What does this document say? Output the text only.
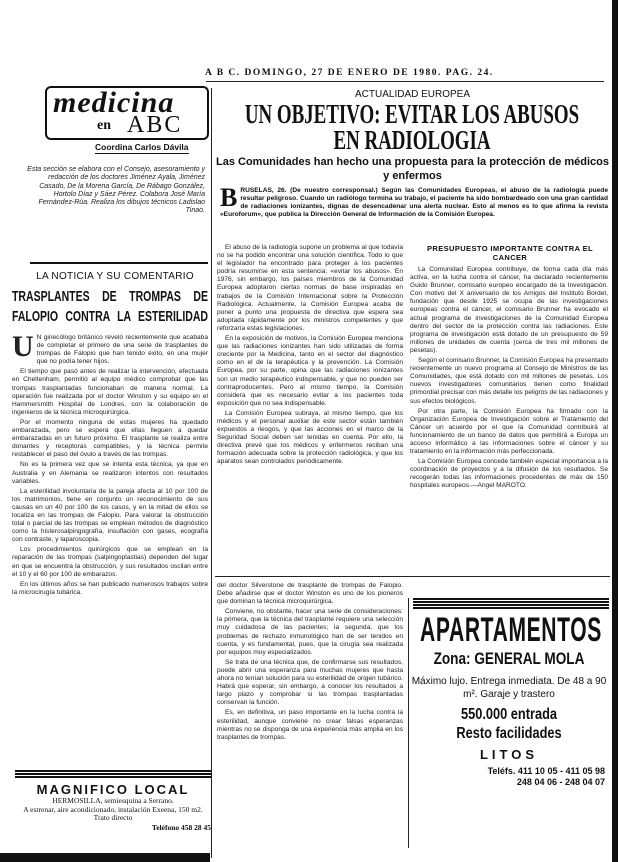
A B C. DOMINGO, 27 DE ENERO DE 1980. PAG. 24.
medicina
en ABC
Coordina Carlos Dávila
Esta sección se elabora con el Consejo, asesoramiento y redacción de los doctores Jiménez Ayala, Jiménez Casado, De la Morena García, De Rábago González, Hortolo Díaz y Sáez Pérez. Colabora José María Fernández-Rúa. Realiza los dibujos técnicos Ladislao Tinao.
LA NOTICIA Y SU COMENTARIO
TRASPLANTES DE TROMPAS DE FALOPIO CONTRA LA ESTERILIDAD
U N ginecólogo británico reveló recientemente que acababa de completar el primero de una serie de trasplantes de trompas de Falopio que han tenido éxito, en una mujer que no podía tener hijos.

El tiempo que pasó antes de realizar la intervención, efectuada en Cheltenham, permitió al equipo médico comprobar que las trompas trasplantadas funcionaban de manera normal. La operación fue realizada por el doctor Winston y su equipo en el Hammersmith Hospital de Londres, con la colaboración de ingenieros de la técnica microquirúrgica.

Por el momento ninguna de estas mujeres ha quedado embarazada, pero se espera que ellas lleguen a quedar embarazadas en un futuro próximo. El trasplante se realiza entre donantes y receptoras compatibles, y la técnica permite restablecer el paso del óvulo a través de las trompas.

No es la primera vez que se intenta esta técnica, ya que en Australia y en Alemania se realizaron intentos con resultados variables.

La esterilidad involuntaria de la pareja afecta al 10 por 100 de los matrimonios, tiene en conjunto un reconocimiento de sus causas en un 40 por 100 de los casos, y en la mitad de ellos se localiza en las trompas de Falopio. Para valorar la obstrucción total o parcial de las trompas se emplean métodos de diagnóstico como la histerosalpingografía, insuflación con gases, ecografía con contraste, y laparoscopia.

Los procedimientos quirúrgicos que se emplean en la reparación de las trompas (salpingoplastias) dependen del lugar en que se encuentra la obstrucción, y sus resultados oscilan entre el 10 y el 60 por 100 de embarazos.

En los últimos años se han publicado numerosos trabajos sobre la microcirugía tubárica.

MAGNIFICO LOCAL
HERMOSILLA, semiesquina a Serrano.
A estrenar, aire acondicionado, instalación Exeena, 150 m2. Trato directo
Teléfono 458 28 45
ACTUALIDAD EUROPEA
UN OBJETIVO: EVITAR LOS ABUSOS
EN RADIOLOGIA
Las Comunidades han hecho una propuesta para la protección de médicos y enfermos
B RUSELAS, 26. (De nuestro corresponsal.) Según las Comunidades Europeas, el abuso de la radiología puede resultar peligroso. Cuando un radiólogo termina su trabajo, el paciente ha sido bombardeado con una gran cantidad de radiaciones ionizantes, dignas de desencadenar una alerta nuclear. Esto al menos es lo que afirma la revista «Euroforum», que publica la Dirección General de Información de la Comisión Europea.

El abuso de la radiología supone un problema al que todavía no se ha podido encontrar una solución científica. Todo lo que el legislador ha encontrado para proteger a los pacientes podría resumirse en esta sentencia: «evitar los abusos». En 1976, sin embargo, los países miembros de la Comunidad Europea adoptaron ciertas normas de base inspiradas en trabajos de la Comisión Internacional sobre la Protección Radiológica. Actualmente, la Comisión Europea acaba de poner a punto una propuesta de directiva que espera sea adoptada rápidamente por los ministros competentes y que reforzaría estas legislaciones.

En la exposición de motivos, la Comisión Europea menciona que las radiaciones ionizantes han sido utilizadas de forma creciente por la Medicina, tanto en el sector del diagnóstico como en el de la terapéutica y la prevención. La Comisión Europea, por su parte, opina que las radiaciones ionizantes son un medio terapéutico indispensable, y que no pueden ser contraproducentes. Pero al mismo tiempo, la Comisión considera que es necesario evitar a los pacientes toda exposición que no sea indispensable.

La Comisión Europea subraya, al mismo tiempo, que los médicos y el personal auxiliar de este sector están también expuestos a riesgos, y que las acciones en el marco de la Seguridad Social deben ser tenidas en cuenta. Por ello, la directiva prevé que los médicos y enfermeros reciban una formación adecuada sobre la protección radiológica, y que los aparatos sean controlados periódicamente.

PRESUPUESTO IMPORTANTE CONTRA EL CANCER

La Comunidad Europea contribuye, de forma cada día más activa, en la lucha contra el cáncer, ha declarado recientemente Guido Brunner, comisario europeo encargado de la Investigación. Con motivo del X aniversario de los Amigos del Instituto Bordet, fundación que desde 1925 se ocupa de las investigaciones europeas contra el cáncer, el comisario Brunner ha evocado el actual programa de investigaciones de la Comunidad Europea dentro del sector de la protección contra las radiaciones. Este programa de investigación está dotado de un presupuesto de 59 millones de unidades de cuenta (cerca de tres mil millones de pesetas).

Según el comisario Brunner, la Comisión Europea ha presentado recientemente un nuevo programa al Consejo de Ministros de las Comunidades, que está dotado con mil millones de pesetas. Los nuevos investigadores comunitarios tienen como finalidad primordial precisar con más detalle los peligros de las radiaciones y sus efectos biológicos.

Por otra parte, la Comisión Europea ha firmado con la Organización Europea de Investigación sobre el Tratamiento del Cáncer un acuerdo por el que la Comunidad contribuirá al funcionamiento de un banco de datos que permitirá a Europa un acceso informático a las informaciones sobre el cáncer y su tratamiento en la información más perfeccionada.

La Comisión Europea concede también especial importancia a la coordinación de proyectos y a la difusión de los resultados. Se recogerán todas las informaciones procedentes de más de 150 hospitales europeos.—Angel MAROTO.

del doctor Silverstone de trasplante de trompas de Falopio. Debe añadirse que el doctor Winston es uno de los pioneros que dominan la técnica microquirúrgica.

Conviene, no obstante, hacer una serie de consideraciones: la primera, que la técnica del trasplante requiere una selección muy cuidadosa de las pacientes; la segunda, que los problemas de rechazo inmunológico han de ser tenidos en cuenta, y es fundamental, pues, que la cirugía sea realizada por equipos muy especializados.

Se trata de una técnica que, de confirmarse sus resultados, puede abrir una esperanza para muchas mujeres que hasta ahora no tenían solución para su esterilidad de origen tubárico. Habrá que esperar, sin embargo, a conocer los resultados a largo plazo y comprobar si las trompas trasplantadas conservan la función.

Es, en definitiva, un paso importante en la lucha contra la esterilidad, aunque conviene no crear falsas esperanzas mientras no se disponga de una experiencia más amplia en los trasplantes de trompas.

APARTAMENTOS
Zona: GENERAL MOLA
Máximo lujo. Entrega inmediata. De 48 a 90 m². Garaje y trastero
550.000 entrada
Resto facilidades
LITOS
Teléfs. 411 10 05 - 411 05 98
248 04 06 - 248 04 07
